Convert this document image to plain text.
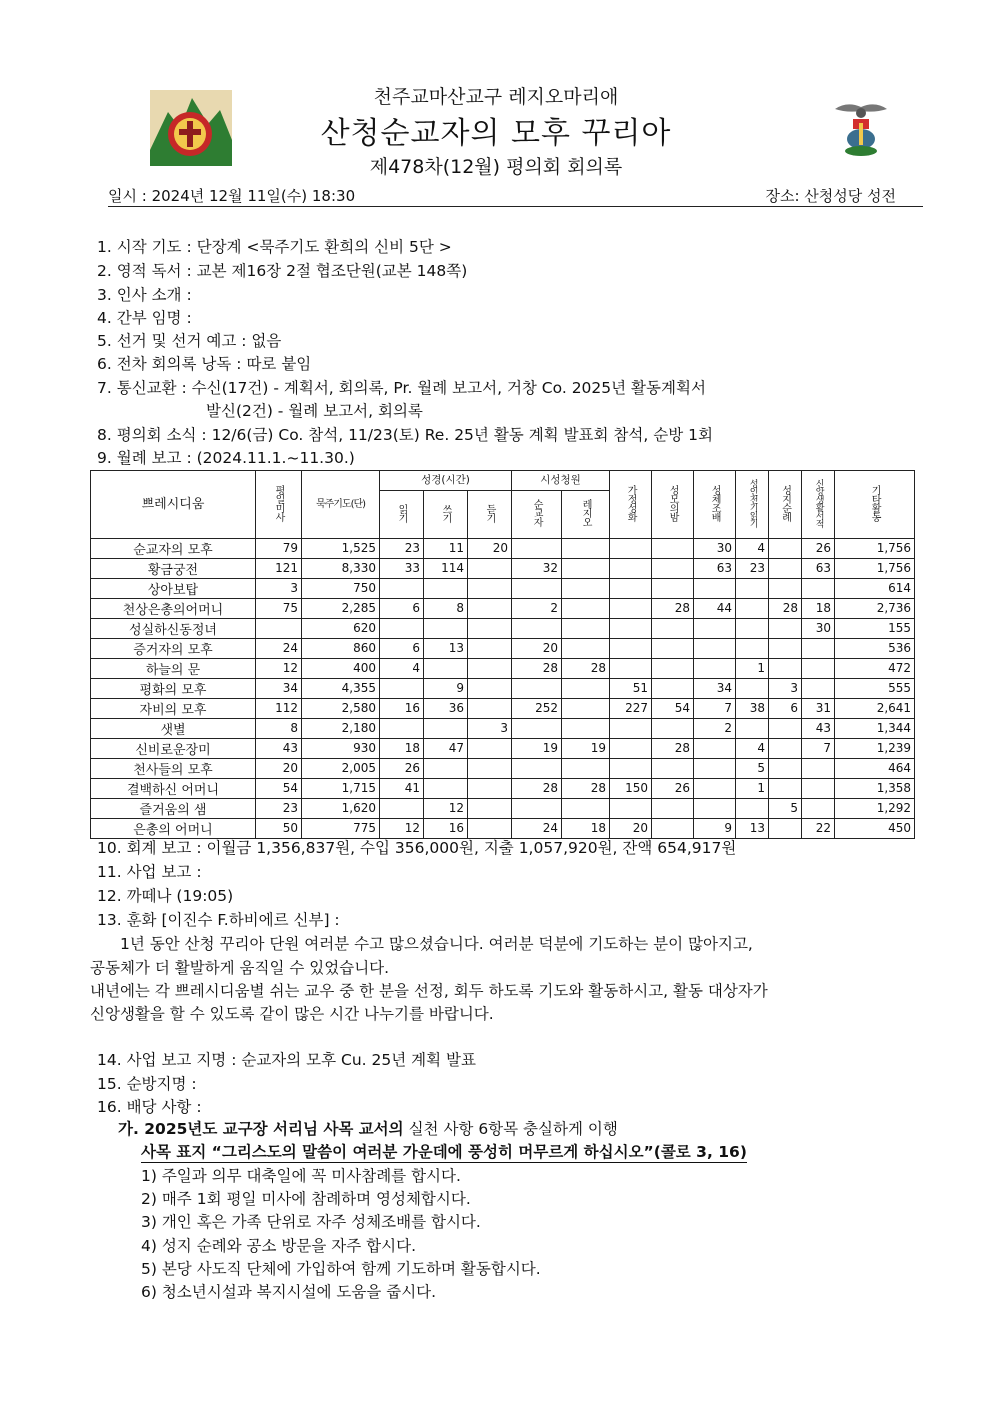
천주교마산교구 레지오마리애
산청순교자의 모후 꾸리아
제478차(12월) 평의회 회의록
일시 : 2024년 12월 11일(수) 18:30	장소: 산청성당 성전
1. 시작 기도 : 단장계 <묵주기도 환희의 신비 5단 >
2. 영적 독서 : 교본 제16장 2절 협조단원(교본 148쪽)
3. 인사 소개 :
4. 간부 임명 :
5. 선거 및 선거 예고 : 없음
6. 전차 회의록 낭독 : 따로 붙임
7. 통신교환 : 수신(17건) - 계획서, 회의록, Pr. 월례 보고서, 거창 Co. 2025년 활동계획서
발신(2건) - 월례 보고서, 회의록
8. 평의회 소식 : 12/6(금) Co. 참석, 11/23(토) Re. 25년 활동 계획 발표회 참석, 순방 1회
9. 월례 보고 : (2024.11.1.~11.30.)
쁘레시디움	평일미사	묵주기도(단)	성경(시간)			시성청원		가정성화	성모의밤	성체조배	성인전기읽기	성지순례	신앙생활서적	기타활동
			읽기	쓰기	듣기	순교자	레지오							
순교자의 모후	79	1,525	23	11	20					30	4		26	1,756
황금궁전	121	8,330	33	114		32				63	23		63	1,756
상아보탑	3	750												614
천상은총의어머니	75	2,285	6	8		2			28	44		28	18	2,736
성실하신동정녀		620											30	155
증거자의 모후	24	860	6	13		20								536
하늘의 문	12	400	4			28	28				1			472
평화의 모후	34	4,355		9				51		34		3		555
자비의 모후	112	2,580	16	36		252		227	54	7	38	6	31	2,641
샛별	8	2,180			3					2			43	1,344
신비로운장미	43	930	18	47		19	19		28		4		7	1,239
천사들의 모후	20	2,005	26								5			464
결백하신 어머니	54	1,715	41			28	28	150	26		1			1,358
즐거움의 샘	23	1,620		12								5		1,292
은총의 어머니	50	775	12	16		24	18	20		9	13		22	450
10. 회계 보고 : 이월금 1,356,837원, 수입 356,000원, 지출 1,057,920원, 잔액 654,917원
11. 사업 보고 :
12. 까떼나 (19:05)
13. 훈화 [이진수 F.하비에르 신부] :
1년 동안 산청 꾸리아 단원 여러분 수고 많으셨습니다. 여러분 덕분에 기도하는 분이 많아지고,
공동체가 더 활발하게 움직일 수 있었습니다.
내년에는 각 쁘레시디움별 쉬는 교우 중 한 분을 선정, 회두 하도록 기도와 활동하시고, 활동 대상자가
신앙생활을 할 수 있도록 같이 많은 시간 나누기를 바랍니다.
14. 사업 보고 지명 : 순교자의 모후 Cu. 25년 계획 발표
15. 순방지명 :
16. 배당 사항 :
가. 2025년도 교구장 서리님 사목 교서의 실천 사항 6항목 충실하게 이행
사목 표지 “그리스도의 말씀이 여러분 가운데에 풍성히 머무르게 하십시오”(콜로 3, 16)
1) 주일과 의무 대축일에 꼭 미사참례를 합시다.
2) 매주 1회 평일 미사에 참례하며 영성체합시다.
3) 개인 혹은 가족 단위로 자주 성체조배를 합시다.
4) 성지 순례와 공소 방문을 자주 합시다.
5) 본당 사도직 단체에 가입하여 함께 기도하며 활동합시다.
6) 청소년시설과 복지시설에 도움을 줍시다.
